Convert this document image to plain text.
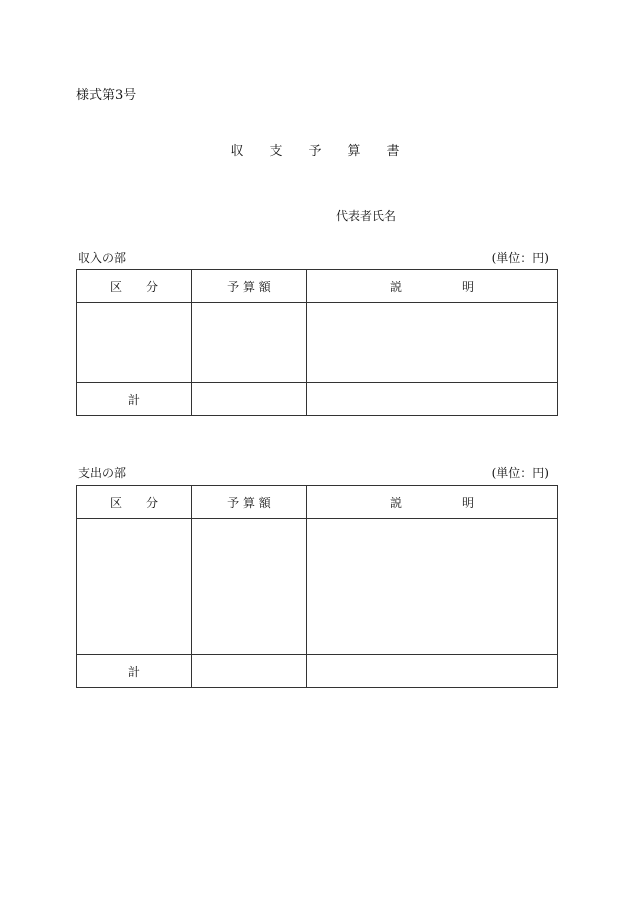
様式第3号
収　　支　　予　　算　　書
代表者氏名
収入の部	(単位：円)
区　　分	予 算 額	説　　　　　明

計		
支出の部	(単位：円)
区　　分	予 算 額	説　　　　　明

計		
